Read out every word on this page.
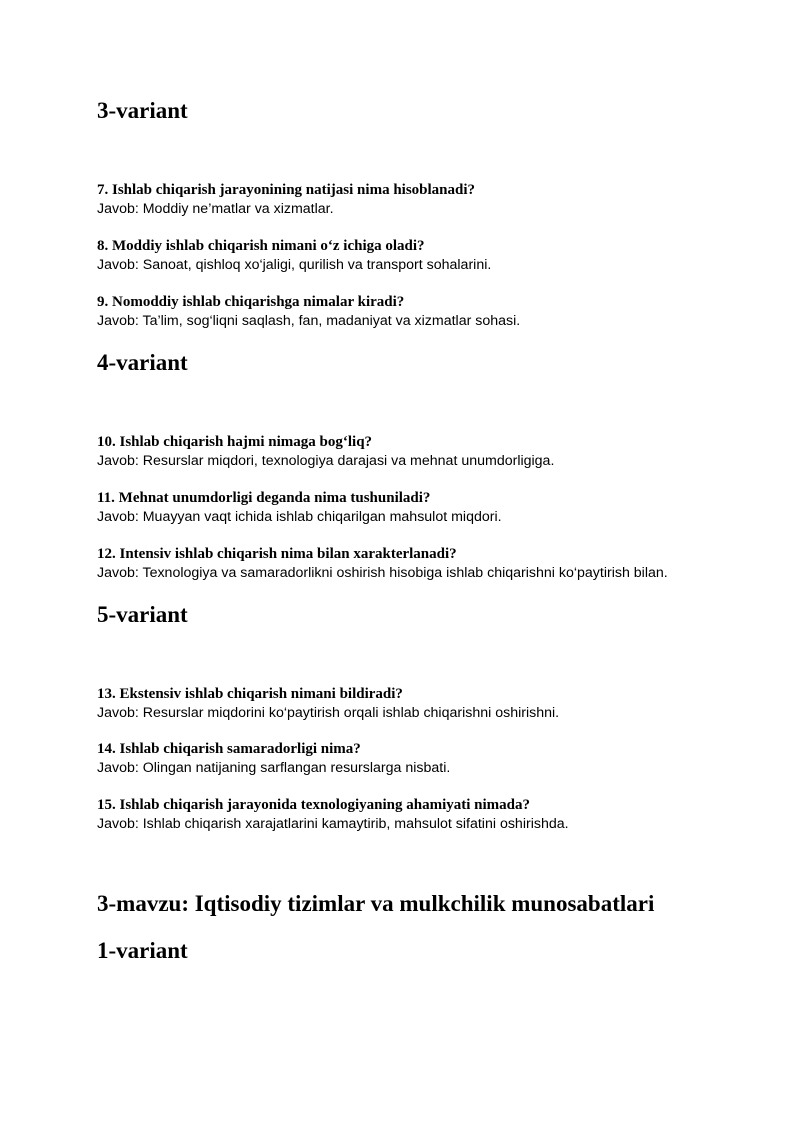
3-variant
7. Ishlab chiqarish jarayonining natijasi nima hisoblanadi?
Javob: Moddiy ne’matlar va xizmatlar.
8. Moddiy ishlab chiqarish nimani o‘z ichiga oladi?
Javob: Sanoat, qishloq xo‘jaligi, qurilish va transport sohalarini.
9. Nomoddiy ishlab chiqarishga nimalar kiradi?
Javob: Ta’lim, sog‘liqni saqlash, fan, madaniyat va xizmatlar sohasi.
4-variant
10. Ishlab chiqarish hajmi nimaga bog‘liq?
Javob: Resurslar miqdori, texnologiya darajasi va mehnat unumdorligiga.
11. Mehnat unumdorligi deganda nima tushuniladi?
Javob: Muayyan vaqt ichida ishlab chiqarilgan mahsulot miqdori.
12. Intensiv ishlab chiqarish nima bilan xarakterlanadi?
Javob: Texnologiya va samaradorlikni oshirish hisobiga ishlab chiqarishni ko‘paytirish bilan.
5-variant
13. Ekstensiv ishlab chiqarish nimani bildiradi?
Javob: Resurslar miqdorini ko‘paytirish orqali ishlab chiqarishni oshirishni.
14. Ishlab chiqarish samaradorligi nima?
Javob: Olingan natijaning sarflangan resurslarga nisbati.
15. Ishlab chiqarish jarayonida texnologiyaning ahamiyati nimada?
Javob: Ishlab chiqarish xarajatlarini kamaytirib, mahsulot sifatini oshirishda.
3-mavzu: Iqtisodiy tizimlar va mulkchilik munosabatlari
1-variant
